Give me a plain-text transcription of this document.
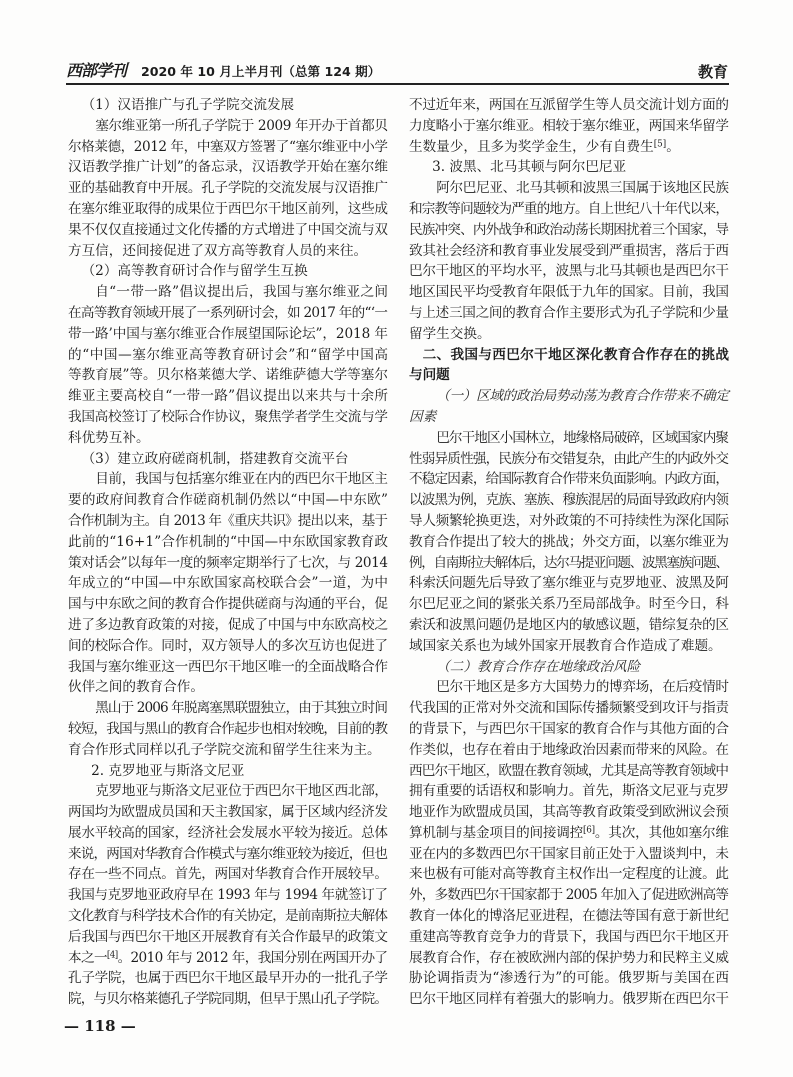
西部学刊 2020 年 10 月上半月刊（总第 124 期）	教育
（1）汉语推广与孔子学院交流发展
塞尔维亚第一所孔子学院于 2009 年开办于首都贝
尔格莱德，2012 年，中塞双方签署了“塞尔维亚中小学
汉语教学推广计划”的备忘录，汉语教学开始在塞尔维
亚的基础教育中开展。孔子学院的交流发展与汉语推广
在塞尔维亚取得的成果位于西巴尔干地区前列，这些成
果不仅仅直接通过文化传播的方式增进了中国交流与双
方互信，还间接促进了双方高等教育人员的来往。
（2）高等教育研讨合作与留学生互换
自“一带一路”倡议提出后，我国与塞尔维亚之间
在高等教育领域开展了一系列研讨会，如 2017 年的“‘一
带一路’中国与塞尔维亚合作展望国际论坛”，2018 年
的“中国—塞尔维亚高等教育研讨会”和“留学中国高
等教育展”等。贝尔格莱德大学、诺维萨德大学等塞尔
维亚主要高校自“一带一路”倡议提出以来共与十余所
我国高校签订了校际合作协议，聚焦学者学生交流与学
科优势互补。
（3）建立政府磋商机制，搭建教育交流平台
目前，我国与包括塞尔维亚在内的西巴尔干地区主
要的政府间教育合作磋商机制仍然以“中国—中东欧”
合作机制为主。自 2013 年《重庆共识》提出以来，基于
此前的“16+1”合作机制的“中国—中东欧国家教育政
策对话会”以每年一度的频率定期举行了七次，与 2014
年成立的“中国—中东欧国家高校联合会”一道，为中
国与中东欧之间的教育合作提供磋商与沟通的平台，促
进了多边教育政策的对接，促成了中国与中东欧高校之
间的校际合作。同时，双方领导人的多次互访也促进了
我国与塞尔维亚这一西巴尔干地区唯一的全面战略合作
伙伴之间的教育合作。
黑山于 2006 年脱离塞黑联盟独立，由于其独立时间
较短，我国与黑山的教育合作起步也相对较晚，目前的教
育合作形式同样以孔子学院交流和留学生往来为主。
2. 克罗地亚与斯洛文尼亚
克罗地亚与斯洛文尼亚位于西巴尔干地区西北部，
两国均为欧盟成员国和天主教国家，属于区域内经济发
展水平较高的国家，经济社会发展水平较为接近。总体
来说，两国对华教育合作模式与塞尔维亚较为接近，但也
存在一些不同点。首先，两国对华教育合作开展较早。
我国与克罗地亚政府早在 1993 年与 1994 年就签订了
文化教育与科学技术合作的有关协定，是前南斯拉夫解体
后我国与西巴尔干地区开展教育有关合作最早的政策文
本之一[4]。2010 年与 2012 年，我国分别在两国开办了
孔子学院，也属于西巴尔干地区最早开办的一批孔子学
院，与贝尔格莱德孔子学院同期，但早于黑山孔子学院。
不过近年来，两国在互派留学生等人员交流计划方面的
力度略小于塞尔维亚。相较于塞尔维亚，两国来华留学
生数量少，且多为奖学金生，少有自费生[5]。
3. 波黑、北马其顿与阿尔巴尼亚
阿尔巴尼亚、北马其顿和波黑三国属于该地区民族
和宗教等问题较为严重的地方。自上世纪八十年代以来，
民族冲突、内外战争和政治动荡长期困扰着三个国家，导
致其社会经济和教育事业发展受到严重损害，落后于西
巴尔干地区的平均水平，波黑与北马其顿也是西巴尔干
地区国民平均受教育年限低于九年的国家。目前，我国
与上述三国之间的教育合作主要形式为孔子学院和少量
留学生交换。
二、我国与西巴尔干地区深化教育合作存在的挑战
与问题
（一）区域的政治局势动荡为教育合作带来不确定
因素
巴尔干地区小国林立，地缘格局破碎，区域国家内聚
性弱异质性强，民族分布交错复杂，由此产生的内政外交
不稳定因素，给国际教育合作带来负面影响。内政方面，
以波黑为例，克族、塞族、穆族混居的局面导致政府内领
导人频繁轮换更迭，对外政策的不可持续性为深化国际
教育合作提出了较大的挑战；外交方面，以塞尔维亚为
例，自南斯拉夫解体后，达尔马提亚问题、波黑塞族问题、
科索沃问题先后导致了塞尔维亚与克罗地亚、波黑及阿
尔巴尼亚之间的紧张关系乃至局部战争。时至今日，科
索沃和波黑问题仍是地区内的敏感议题，错综复杂的区
域国家关系也为域外国家开展教育合作造成了难题。
（二）教育合作存在地缘政治风险
巴尔干地区是多方大国势力的博弈场，在后疫情时
代我国的正常对外交流和国际传播频繁受到攻讦与指责
的背景下，与西巴尔干国家的教育合作与其他方面的合
作类似，也存在着由于地缘政治因素而带来的风险。在
西巴尔干地区，欧盟在教育领域，尤其是高等教育领域中
拥有重要的话语权和影响力。首先，斯洛文尼亚与克罗
地亚作为欧盟成员国，其高等教育政策受到欧洲议会预
算机制与基金项目的间接调控[6]。其次，其他如塞尔维
亚在内的多数西巴尔干国家目前正处于入盟谈判中，未
来也极有可能对高等教育主权作出一定程度的让渡。此
外，多数西巴尔干国家都于 2005 年加入了促进欧洲高等
教育一体化的博洛尼亚进程，在德法等国有意于新世纪
重建高等教育竞争力的背景下，我国与西巴尔干地区开
展教育合作，存在被欧洲内部的保护势力和民粹主义威
胁论调指责为“渗透行为”的可能。俄罗斯与美国在西
巴尔干地区同样有着强大的影响力。俄罗斯在西巴尔干
— 118 —
